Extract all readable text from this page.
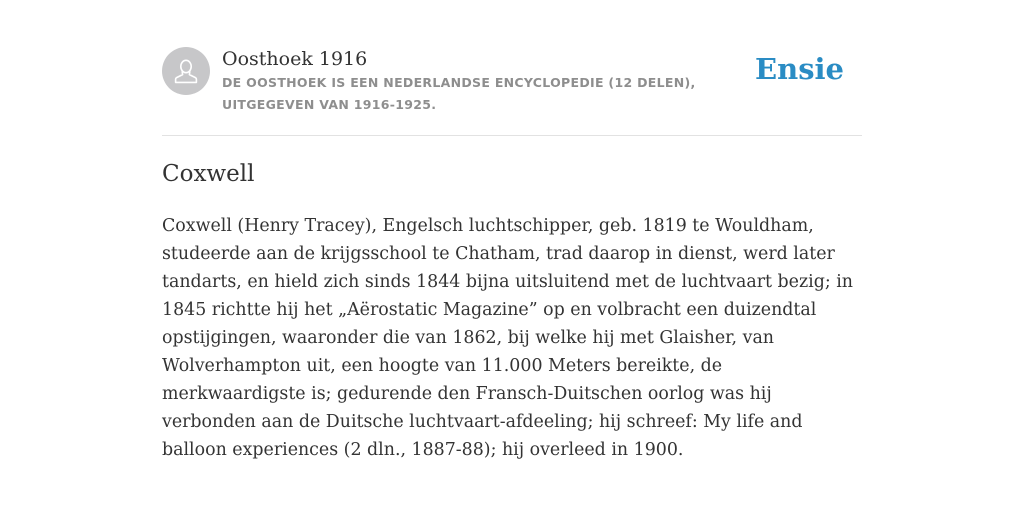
Oosthoek 1916

DE OOSTHOEK IS EEN NEDERLANDSE ENCYCLOPEDIE (12 DELEN), UITGEGEVEN VAN 1916-1925.

Ensie
Coxwell

Coxwell (Henry Tracey), Engelsch luchtschipper, geb. 1819 te Wouldham, studeerde aan de krijgsschool te Chatham, trad daarop in dienst, werd later tandarts, en hield zich sinds 1844 bijna uitsluitend met de luchtvaart bezig; in 1845 richtte hij het „Aërostatic Magazine” op en volbracht een duizendtal opstijgingen, waaronder die van 1862, bij welke hij met Glaisher, van Wolverhampton uit, een hoogte van 11.000 Meters bereikte, de merkwaardigste is; gedurende den Fransch-Duitschen oorlog was hij verbonden aan de Duitsche luchtvaart-afdeeling; hij schreef: My life and balloon experiences (2 dln., 1887-88); hij overleed in 1900.
